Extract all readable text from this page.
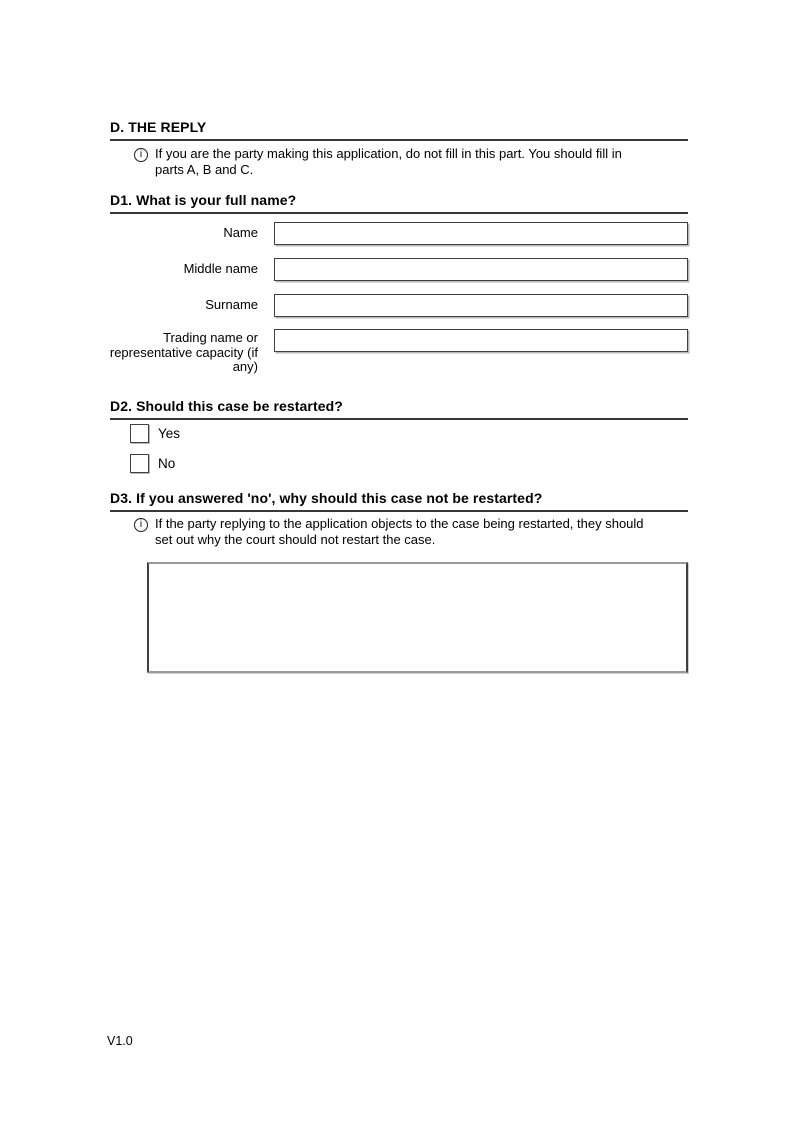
D. THE REPLY
i If you are the party making this application, do not fill in this part. You should fill in
parts A, B and C.
D1. What is your full name?
Name
Middle name
Surname
Trading name or representative capacity (if any)
D2. Should this case be restarted?
Yes
No
D3. If you answered 'no', why should this case not be restarted?
i If the party replying to the application objects to the case being restarted, they should
set out why the court should not restart the case.
V1.0
